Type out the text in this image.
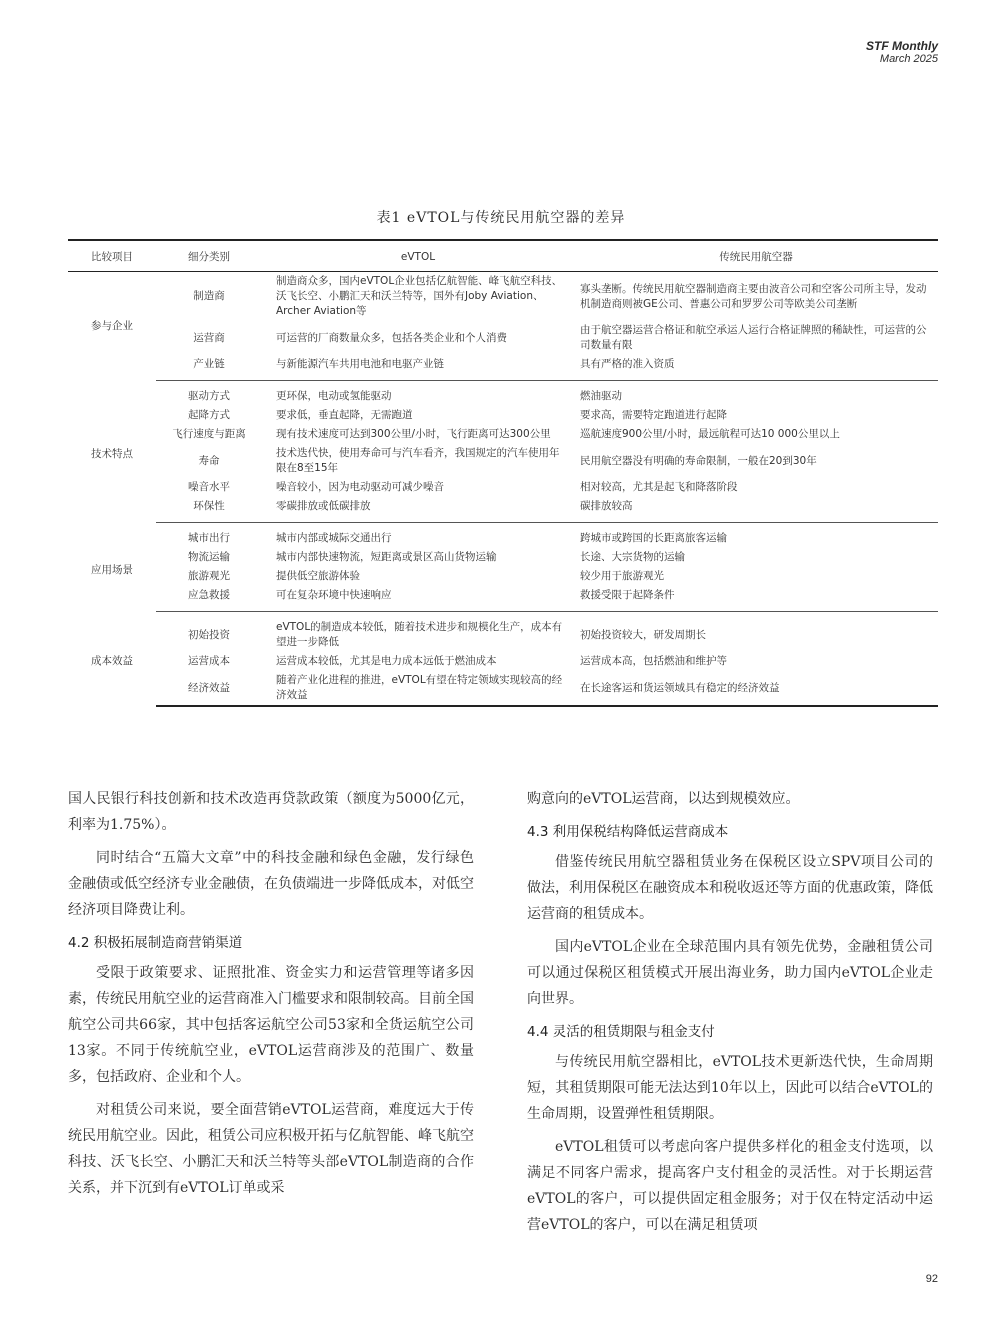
STF Monthly
March 2025
表1 eVTOL与传统民用航空器的差异
比较项目	细分类别	eVTOL	传统民用航空器
参与企业	制造商	制造商众多，国内eVTOL企业包括亿航智能、峰飞航空科技、沃飞长空、小鹏汇天和沃兰特等，国外有Joby Aviation、Archer Aviation等	寡头垄断。传统民用航空器制造商主要由波音公司和空客公司所主导，发动机制造商则被GE公司、普惠公司和罗罗公司等欧美公司垄断
	运营商	可运营的厂商数量众多，包括各类企业和个人消费	由于航空器运营合格证和航空承运人运行合格证牌照的稀缺性，可运营的公司数量有限
	产业链	与新能源汽车共用电池和电驱产业链	具有严格的准入资质
技术特点	驱动方式	更环保，电动或氢能驱动	燃油驱动
	起降方式	要求低，垂直起降，无需跑道	要求高，需要特定跑道进行起降
	飞行速度与距离	现有技术速度可达到300公里/小时，飞行距离可达300公里	巡航速度900公里/小时，最远航程可达10 000公里以上
	寿命	技术迭代快，使用寿命可与汽车看齐，我国规定的汽车使用年限在8至15年	民用航空器没有明确的寿命限制，一般在20到30年
	噪音水平	噪音较小，因为电动驱动可减少噪音	相对较高，尤其是起飞和降落阶段
	环保性	零碳排放或低碳排放	碳排放较高
应用场景	城市出行	城市内部或城际交通出行	跨城市或跨国的长距离旅客运输
	物流运输	城市内部快速物流，短距离或景区高山货物运输	长途、大宗货物的运输
	旅游观光	提供低空旅游体验	较少用于旅游观光
	应急救援	可在复杂环境中快速响应	救援受限于起降条件
成本效益	初始投资	eVTOL的制造成本较低，随着技术进步和规模化生产，成本有望进一步降低	初始投资较大，研发周期长
	运营成本	运营成本较低，尤其是电力成本远低于燃油成本	运营成本高，包括燃油和维护等
	经济效益	随着产业化进程的推进，eVTOL有望在特定领域实现较高的经济效益	在长途客运和货运领域具有稳定的经济效益

国人民银行科技创新和技术改造再贷款政策（额度为5000亿元，利率为1.75%）。

同时结合“五篇大文章”中的科技金融和绿色金融，发行绿色金融债或低空经济专业金融债，在负债端进一步降低成本，对低空经济项目降费让利。

4.2 积极拓展制造商营销渠道

受限于政策要求、证照批准、资金实力和运营管理等诸多因素，传统民用航空业的运营商准入门槛要求和限制较高。目前全国航空公司共66家，其中包括客运航空公司53家和全货运航空公司13家。不同于传统航空业，eVTOL运营商涉及的范围广、数量多，包括政府、企业和个人。

对租赁公司来说，要全面营销eVTOL运营商，难度远大于传统民用航空业。因此，租赁公司应积极开拓与亿航智能、峰飞航空科技、沃飞长空、小鹏汇天和沃兰特等头部eVTOL制造商的合作关系，并下沉到有eVTOL订单或采

购意向的eVTOL运营商，以达到规模效应。

4.3 利用保税结构降低运营商成本

借鉴传统民用航空器租赁业务在保税区设立SPV项目公司的做法，利用保税区在融资成本和税收返还等方面的优惠政策，降低运营商的租赁成本。

国内eVTOL企业在全球范围内具有领先优势，金融租赁公司可以通过保税区租赁模式开展出海业务，助力国内eVTOL企业走向世界。

4.4 灵活的租赁期限与租金支付

与传统民用航空器相比，eVTOL技术更新迭代快，生命周期短，其租赁期限可能无法达到10年以上，因此可以结合eVTOL的生命周期，设置弹性租赁期限。

eVTOL租赁可以考虑向客户提供多样化的租金支付选项，以满足不同客户需求，提高客户支付租金的灵活性。对于长期运营eVTOL的客户，可以提供固定租金服务；对于仅在特定活动中运营eVTOL的客户，可以在满足租赁项

92
